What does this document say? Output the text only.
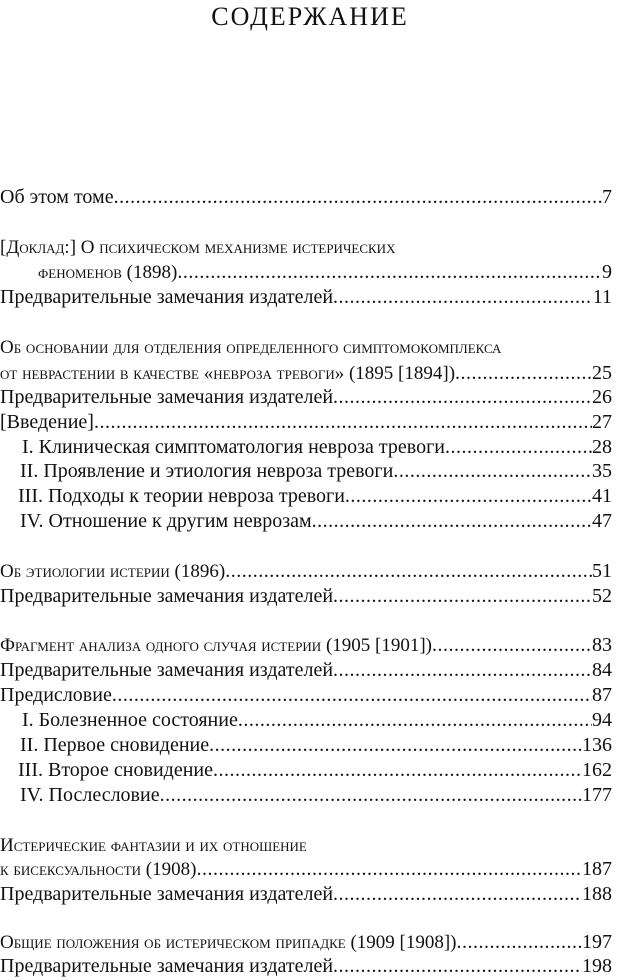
СОДЕРЖАНИЕ
Об этом томе .....	7
[Доклад:] О психическом механизме истерических
феноменов (1898) .....	9
Предварительные замечания издателей .....	11
Об основании для отделения определенного симптомокомплекса
от неврастении в качестве «невроза тревоги» (1895 [1894]) .....	25
Предварительные замечания издателей .....	26
[Введение] .....	27
I. Клиническая симптоматология невроза тревоги .....	28
II. Проявление и этиология невроза тревоги .....	35
III. Подходы к теории невроза тревоги .....	41
IV. Отношение к другим неврозам .....	47
Об этиологии истерии (1896) .....	51
Предварительные замечания издателей .....	52
Фрагмент анализа одного случая истерии (1905 [1901]) .....	83
Предварительные замечания издателей .....	84
Предисловие .....	87
I. Болезненное состояние .....	94
II. Первое сновидение .....	136
III. Второе сновидение .....	162
IV. Послесловие .....	177
Истерические фантазии и их отношение
к бисексуальности (1908) .....	187
Предварительные замечания издателей .....	188
Общие положения об истерическом припадке (1909 [1908]) .....	197
Предварительные замечания издателей .....	198
